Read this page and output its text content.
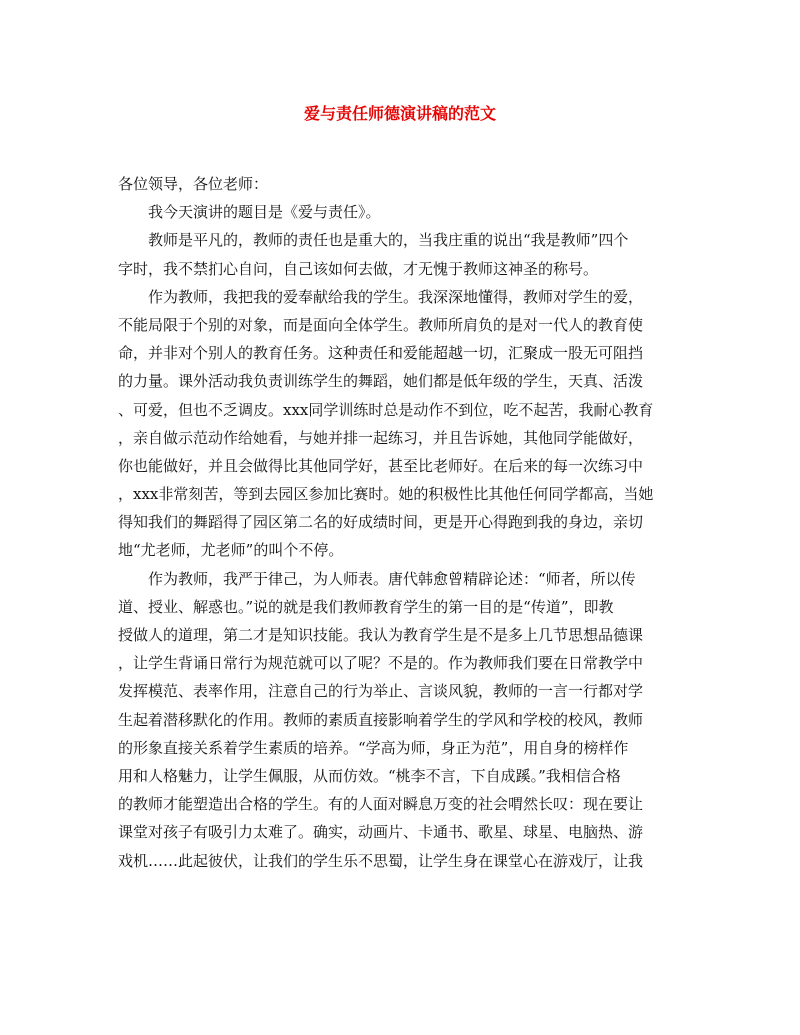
爱与责任师德演讲稿的范文
各位领导，各位老师：
我今天演讲的题目是《爱与责任》。
教师是平凡的，教师的责任也是重大的，当我庄重的说出“我是教师”四个
字时，我不禁扪心自问，自己该如何去做，才无愧于教师这神圣的称号。
作为教师，我把我的爱奉献给我的学生。我深深地懂得，教师对学生的爱，
不能局限于个别的对象，而是面向全体学生。教师所肩负的是对一代人的教育使
命，并非对个别人的教育任务。这种责任和爱能超越一切，汇聚成一股无可阻挡
的力量。课外活动我负责训练学生的舞蹈，她们都是低年级的学生，天真、活泼
、可爱，但也不乏调皮。xxx同学训练时总是动作不到位，吃不起苦，我耐心教育
，亲自做示范动作给她看，与她并排一起练习，并且告诉她，其他同学能做好，
你也能做好，并且会做得比其他同学好，甚至比老师好。在后来的每一次练习中
，xxx非常刻苦，等到去园区参加比赛时。她的积极性比其他任何同学都高，当她
得知我们的舞蹈得了园区第二名的好成绩时间，更是开心得跑到我的身边，亲切
地“尤老师，尤老师”的叫个不停。
作为教师，我严于律己，为人师表。唐代韩愈曾精辟论述：“师者，所以传
道、授业、解惑也。”说的就是我们教师教育学生的第一目的是“传道”，即教
授做人的道理，第二才是知识技能。我认为教育学生是不是多上几节思想品德课
，让学生背诵日常行为规范就可以了呢？不是的。作为教师我们要在日常教学中
发挥模范、表率作用，注意自己的行为举止、言谈风貌，教师的一言一行都对学
生起着潜移默化的作用。教师的素质直接影响着学生的学风和学校的校风，教师
的形象直接关系着学生素质的培养。“学高为师，身正为范”，用自身的榜样作
用和人格魅力，让学生佩服，从而仿效。“桃李不言，下自成蹊。”我相信合格
的教师才能塑造出合格的学生。有的人面对瞬息万变的社会喟然长叹：现在要让
课堂对孩子有吸引力太难了。确实，动画片、卡通书、歌星、球星、电脑热、游
戏机……此起彼伏，让我们的学生乐不思蜀，让学生身在课堂心在游戏厅，让我
